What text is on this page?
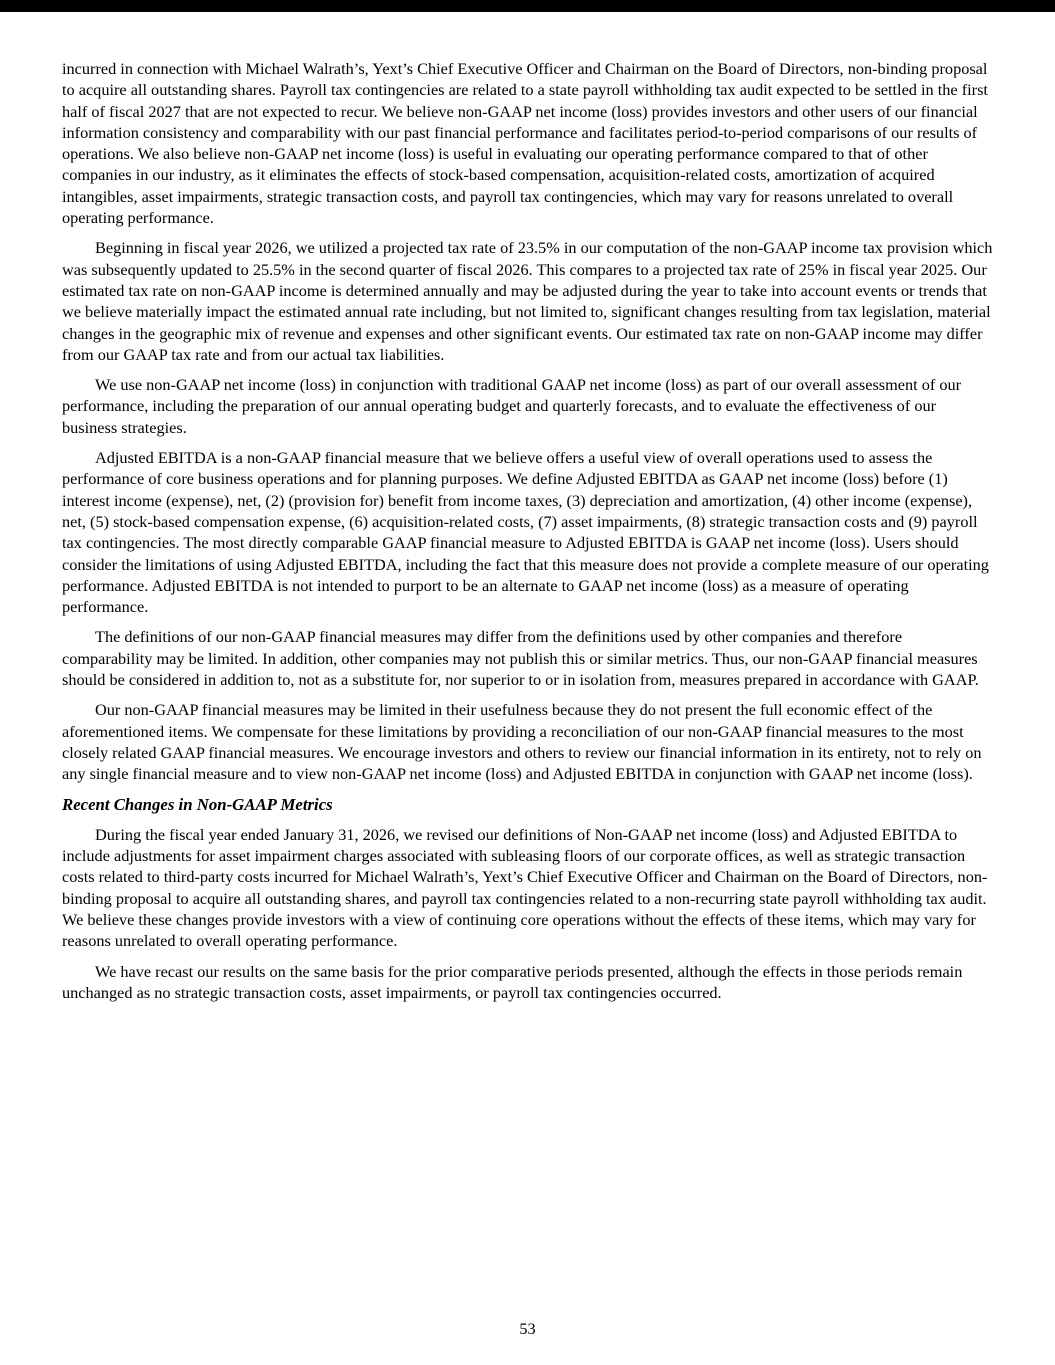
incurred in connection with Michael Walrath’s, Yext’s Chief Executive Officer and Chairman on the Board of Directors, non-binding proposal to acquire all outstanding shares. Payroll tax contingencies are related to a state payroll withholding tax audit expected to be settled in the first half of fiscal 2027 that are not expected to recur. We believe non-GAAP net income (loss) provides investors and other users of our financial information consistency and comparability with our past financial performance and facilitates period-to-period comparisons of our results of operations. We also believe non-GAAP net income (loss) is useful in evaluating our operating performance compared to that of other companies in our industry, as it eliminates the effects of stock-based compensation, acquisition-related costs, amortization of acquired intangibles, asset impairments, strategic transaction costs, and payroll tax contingencies, which may vary for reasons unrelated to overall operating performance.

Beginning in fiscal year 2026, we utilized a projected tax rate of 23.5% in our computation of the non-GAAP income tax provision which was subsequently updated to 25.5% in the second quarter of fiscal 2026. This compares to a projected tax rate of 25% in fiscal year 2025. Our estimated tax rate on non-GAAP income is determined annually and may be adjusted during the year to take into account events or trends that we believe materially impact the estimated annual rate including, but not limited to, significant changes resulting from tax legislation, material changes in the geographic mix of revenue and expenses and other significant events. Our estimated tax rate on non-GAAP income may differ from our GAAP tax rate and from our actual tax liabilities.

We use non-GAAP net income (loss) in conjunction with traditional GAAP net income (loss) as part of our overall assessment of our performance, including the preparation of our annual operating budget and quarterly forecasts, and to evaluate the effectiveness of our business strategies.

Adjusted EBITDA is a non-GAAP financial measure that we believe offers a useful view of overall operations used to assess the performance of core business operations and for planning purposes. We define Adjusted EBITDA as GAAP net income (loss) before (1) interest income (expense), net, (2) (provision for) benefit from income taxes, (3) depreciation and amortization, (4) other income (expense), net, (5) stock-based compensation expense, (6) acquisition-related costs, (7) asset impairments, (8) strategic transaction costs and (9) payroll tax contingencies. The most directly comparable GAAP financial measure to Adjusted EBITDA is GAAP net income (loss). Users should consider the limitations of using Adjusted EBITDA, including the fact that this measure does not provide a complete measure of our operating performance. Adjusted EBITDA is not intended to purport to be an alternate to GAAP net income (loss) as a measure of operating performance.

The definitions of our non-GAAP financial measures may differ from the definitions used by other companies and therefore comparability may be limited. In addition, other companies may not publish this or similar metrics. Thus, our non-GAAP financial measures should be considered in addition to, not as a substitute for, nor superior to or in isolation from, measures prepared in accordance with GAAP.

Our non-GAAP financial measures may be limited in their usefulness because they do not present the full economic effect of the aforementioned items. We compensate for these limitations by providing a reconciliation of our non-GAAP financial measures to the most closely related GAAP financial measures. We encourage investors and others to review our financial information in its entirety, not to rely on any single financial measure and to view non-GAAP net income (loss) and Adjusted EBITDA in conjunction with GAAP net income (loss).

Recent Changes in Non-GAAP Metrics

During the fiscal year ended January 31, 2026, we revised our definitions of Non-GAAP net income (loss) and Adjusted EBITDA to include adjustments for asset impairment charges associated with subleasing floors of our corporate offices, as well as strategic transaction costs related to third-party costs incurred for Michael Walrath’s, Yext’s Chief Executive Officer and Chairman on the Board of Directors, non-binding proposal to acquire all outstanding shares, and payroll tax contingencies related to a non-recurring state payroll withholding tax audit. We believe these changes provide investors with a view of continuing core operations without the effects of these items, which may vary for reasons unrelated to overall operating performance.

We have recast our results on the same basis for the prior comparative periods presented, although the effects in those periods remain unchanged as no strategic transaction costs, asset impairments, or payroll tax contingencies occurred.

53
